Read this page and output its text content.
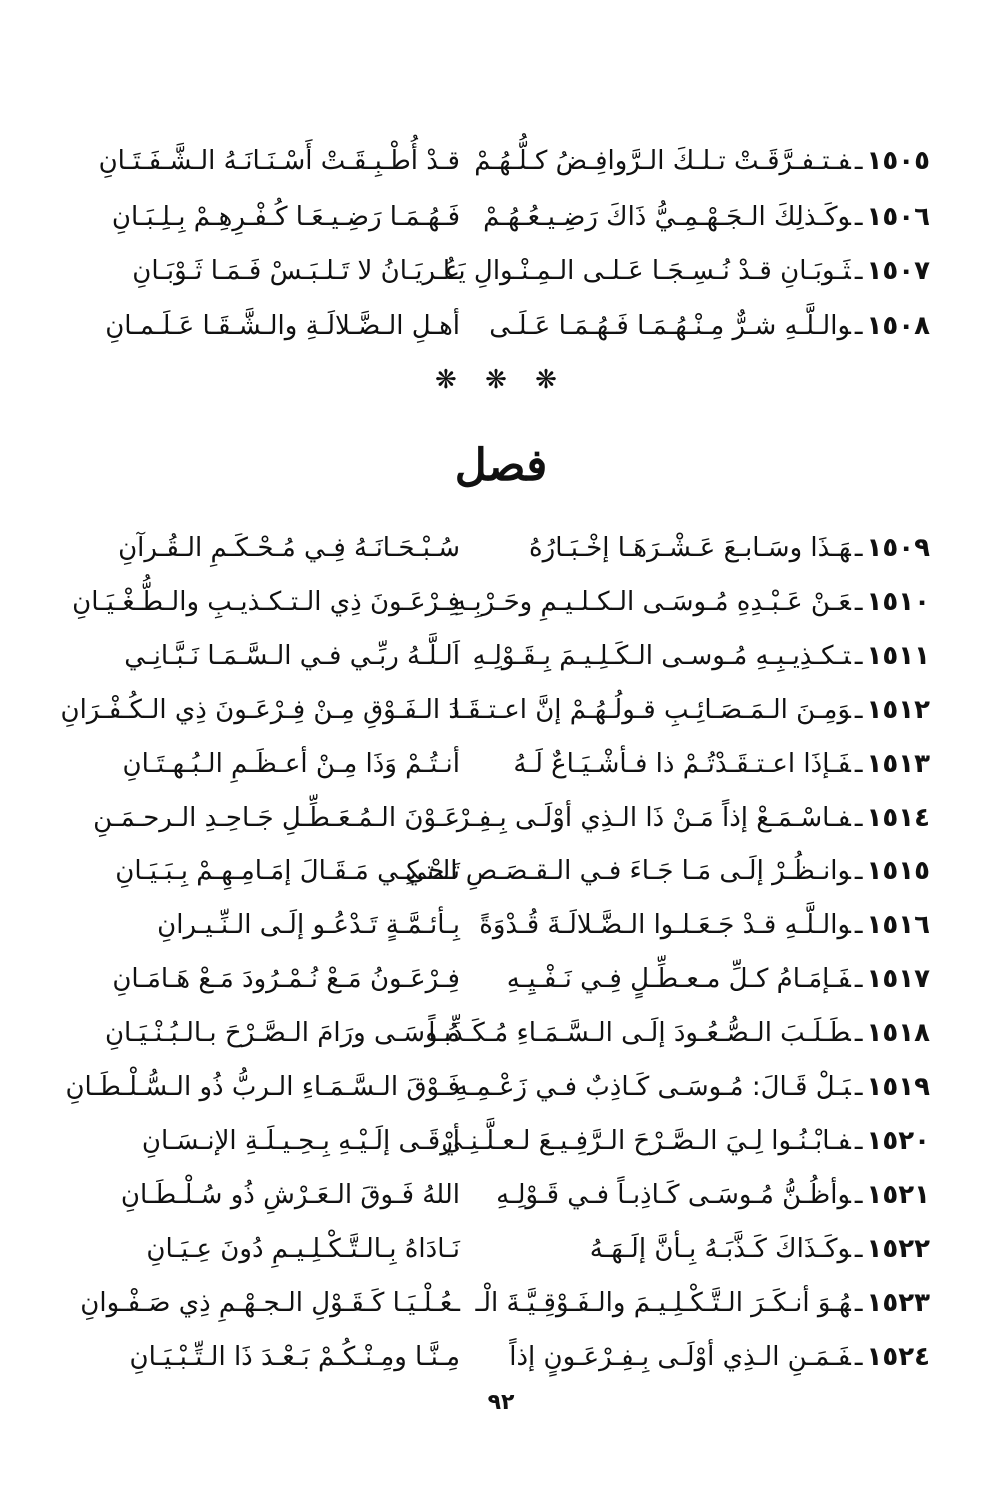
١٥٠٥ـفـتـفـرَّقَـتْ تـلـكَ الـرَّوافِـضُ كـلُّـهُـمْ
قـدْ أُطْـبِـقَـتْ أَسْـنَـانَـهُ الـشَّـفَـتَـانِ
١٥٠٦ـوكَـذلِكَ الـجَـهْـمِـيُّ ذَاكَ رَضِـيـعُـهُـمْ
فَـهُـمَـا رَضِـيـعَـا كُـفْـرِهِـمْ بِـلِـبَـانِ
١٥٠٧ـثَـوبَـانِ قـدْ نُـسِـجَـا عَـلـى الـمِـنْـوالِ يَـا
عُـريَـانُ لا تَـلـبَـسْ فَـمَـا ثَـوْبَـانِ
١٥٠٨ـوالـلَّـهِ شـرٌّ مِـنْـهُـمَـا فَـهُـمَـا عَـلَـى
أهـلِ الـضَّـلالَـةِ والـشَّـقَـا عَـلَـمـانِ
❋ ❋ ❋
فصل
١٥٠٩ـهَـذَا وسَـابـعَ عَـشْـرَهَـا إخْـبَـارُهُ
سُـبْـحَـانَـهُ فِـي مُـحْـكَـمِ الـقُـرآنِ
١٥١٠ـعَـنْ عَـبْـدِهِ مُـوسَـى الـكـلـيـمِ وحَـرْبِـهِ
فِـرْعَـونَ ذِي الـتـكـذيـبِ والـطُّـغْـيَـانِ
١٥١١ـتـكـذِيـبِـهِ مُـوسـى الـكَـلِـيـمَ بِـقَـوْلِـهِ
اَلـلَّـهُ ربِّـي فـي الـسَّـمَـا نَـبَّـانِـي
١٥١٢ـوَمِـنَ الـمَـصَـائِـبِ قـولُـهُـمْ إنَّ اعـتـقَـا
دَ الـفَـوْقِ مِـنْ فِـرْعَـونَ ذِي الـكُـفْـرَانِ
١٥١٣ـفَـإذَا اعـتـقَـدْتُـمْ ذا فـأشْـيَـاعٌ لَـهُ
أنـتُـمْ وَذَا مِـنْ أعـظَـمِ الـبُـهـتَـانِ
١٥١٤ـفـاسْـمَـعْ إذاً مَـنْ ذَا الـذِي أوْلَـى بِـفِـرْ
عَـوْنَ الـمُـعَـطِّـلِ جَـاحِـدِ الـرحـمَـنِ
١٥١٥ـوانـظُـرْ إلَـى مَـا جَـاءَ فـي الـقـصَـصِ الـتي
تَـحْـكِـي مَـقَـالَ إمَـامِـهِـمْ بِـبَـيَـانِ
١٥١٦ـوالـلَّـهِ قـدْ جَـعَـلـوا الـضَّـلالَـةَ قُـدْوَةً
بِـأئـمَّـةٍ تَـدْعُـو إلَـى الـنِّـيـرانِ
١٥١٧ـفَـإمَـامُ كـلِّ مـعـطِّـلٍ فِـي نَـفْـيِـهِ
فِـرْعَـونُ مَـعْ نُـمْـرُودَ مَـعْ هَـامَـانِ
١٥١٨ـطَـلَـبَ الـصُّـعُـودَ إلَـى الـسَّـمَـاءِ مُـكَـذِّبـاً
مُـوسَـى ورَامَ الـصَّـرْحَ بـالـبُـنْـيَـانِ
١٥١٩ـبَـلْ قَـالَ: مُـوسَـى كَـاذِبٌ فـي زَعْـمِـهِ
فَـوْقَ الـسَّـمَـاءِ الـربُّ ذُو الـسُّـلْـطَـانِ
١٥٢٠ـفـابْـنُـوا لِـيَ الـصَّـرْحَ الـرَّفِـيـعَ لـعـلَّـنِـي
أرْقَـى إلَـيْـهِ بِـحِـيـلَـةِ الإنـسَـانِ
١٥٢١ـوأظُـنُّ مُـوسَـى كَـاذِبـاً فـي قَـوْلِـهِ
اللهُ فَـوقَ الـعَـرْشِ ذُو سُـلْـطَـانِ
١٥٢٢ـوكَـذَاكَ كَـذَّبَـهُ بِـأنَّ إلَـهَـهُ
نَـادَاهُ بِـالـتَّـكْـلِـيـمِ دُونَ عِـيَـانِ
١٥٢٣ـهُـوَ أنـكَـرَ الـتَّـكْـلِـيـمَ والـفَـوْقِـيَّـةَ الْـ
ـعُـلْـيَـا كَـقَـوْلِ الـجـهْـمِ ذِي صَـفْـوانِ
١٥٢٤ـفَـمَـنِ الـذِي أوْلَـى بِـفِـرْعَـونٍ إذاً
مِـنَّـا ومِـنْـكُـمْ بَـعْـدَ ذَا الـتِّـبْـيَـانِ
٩٢
